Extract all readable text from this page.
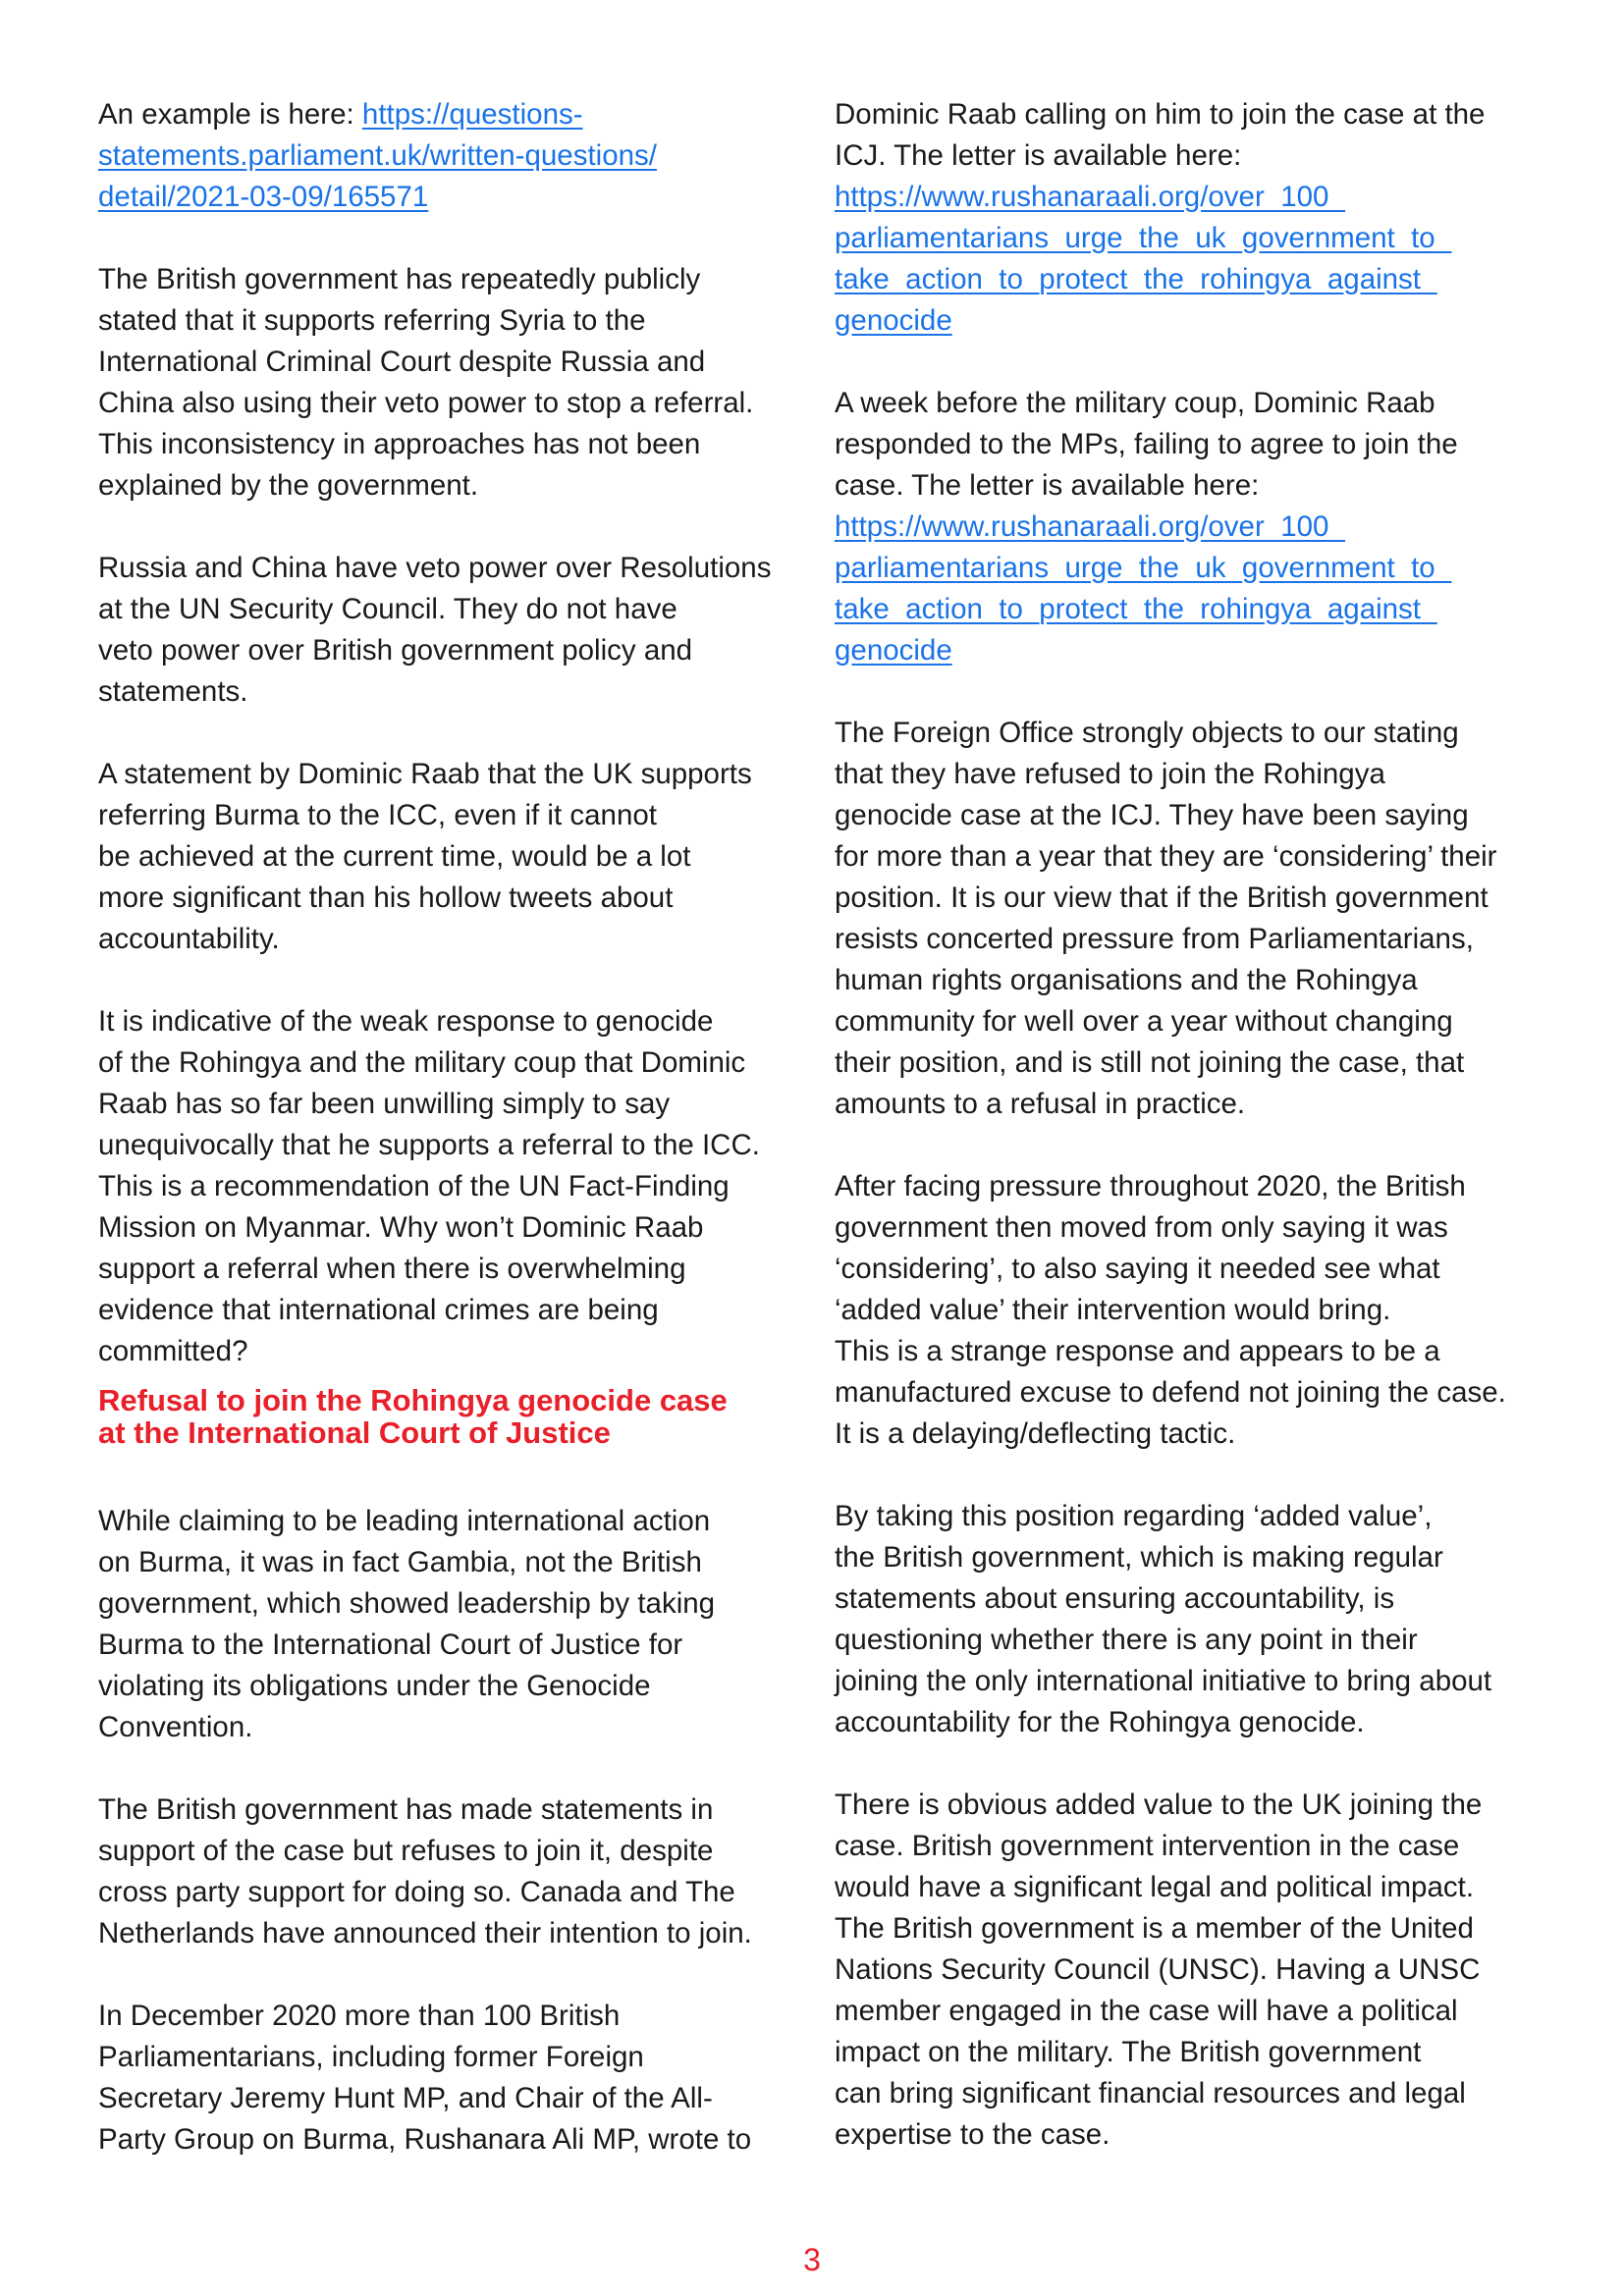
An example is here: https://questions-
statements.parliament.uk/written-questions/
detail/2021-03-09/165571
The British government has repeatedly publicly
stated that it supports referring Syria to the
International Criminal Court despite Russia and
China also using their veto power to stop a referral.
This inconsistency in approaches has not been
explained by the government.
Russia and China have veto power over Resolutions
at the UN Security Council. They do not have
veto power over British government policy and
statements.
A statement by Dominic Raab that the UK supports
referring Burma to the ICC, even if it cannot
be achieved at the current time, would be a lot
more significant than his hollow tweets about
accountability.
It is indicative of the weak response to genocide
of the Rohingya and the military coup that Dominic
Raab has so far been unwilling simply to say
unequivocally that he supports a referral to the ICC.
This is a recommendation of the UN Fact-Finding
Mission on Myanmar. Why won’t Dominic Raab
support a referral when there is overwhelming
evidence that international crimes are being
committed?
Refusal to join the Rohingya genocide case
at the International Court of Justice
While claiming to be leading international action
on Burma, it was in fact Gambia, not the British
government, which showed leadership by taking
Burma to the International Court of Justice for
violating its obligations under the Genocide
Convention.
The British government has made statements in
support of the case but refuses to join it, despite
cross party support for doing so. Canada and The
Netherlands have announced their intention to join.
In December 2020 more than 100 British
Parliamentarians, including former Foreign
Secretary Jeremy Hunt MP, and Chair of the All-
Party Group on Burma, Rushanara Ali MP, wrote to
Dominic Raab calling on him to join the case at the
ICJ. The letter is available here:
https://www.rushanaraali.org/over_100_
parliamentarians_urge_the_uk_government_to_
take_action_to_protect_the_rohingya_against_
genocide
A week before the military coup, Dominic Raab
responded to the MPs, failing to agree to join the
case. The letter is available here:
https://www.rushanaraali.org/over_100_
parliamentarians_urge_the_uk_government_to_
take_action_to_protect_the_rohingya_against_
genocide
The Foreign Office strongly objects to our stating
that they have refused to join the Rohingya
genocide case at the ICJ. They have been saying
for more than a year that they are ‘considering’ their
position. It is our view that if the British government
resists concerted pressure from Parliamentarians,
human rights organisations and the Rohingya
community for well over a year without changing
their position, and is still not joining the case, that
amounts to a refusal in practice.
After facing pressure throughout 2020, the British
government then moved from only saying it was
‘considering’, to also saying it needed see what
‘added value’ their intervention would bring.
This is a strange response and appears to be a
manufactured excuse to defend not joining the case.
It is a delaying/deflecting tactic.
By taking this position regarding ‘added value’,
the British government, which is making regular
statements about ensuring accountability, is
questioning whether there is any point in their
joining the only international initiative to bring about
accountability for the Rohingya genocide.
There is obvious added value to the UK joining the
case. British government intervention in the case
would have a significant legal and political impact.
The British government is a member of the United
Nations Security Council (UNSC). Having a UNSC
member engaged in the case will have a political
impact on the military. The British government
can bring significant financial resources and legal
expertise to the case.
3
